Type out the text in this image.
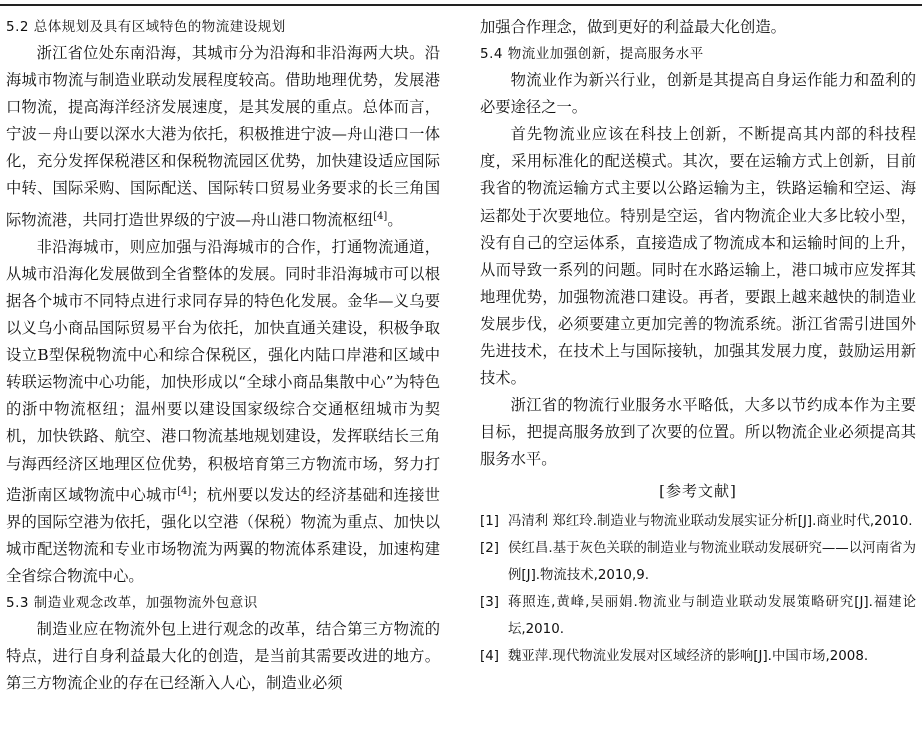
5.2 总体规划及具有区域特色的物流建设规划

浙江省位处东南沿海，其城市分为沿海和非沿海两大块。沿海城市物流与制造业联动发展程度较高。借助地理优势，发展港口物流，提高海洋经济发展速度，是其发展的重点。总体而言，宁波－舟山要以深水大港为依托，积极推进宁波—舟山港口一体化，充分发挥保税港区和保税物流园区优势，加快建设适应国际中转、国际采购、国际配送、国际转口贸易业务要求的长三角国际物流港，共同打造世界级的宁波—舟山港口物流枢纽[4]。

非沿海城市，则应加强与沿海城市的合作，打通物流通道，从城市沿海化发展做到全省整体的发展。同时非沿海城市可以根据各个城市不同特点进行求同存异的特色化发展。金华—义乌要以义乌小商品国际贸易平台为依托，加快直通关建设，积极争取设立B型保税物流中心和综合保税区，强化内陆口岸港和区域中转联运物流中心功能，加快形成以“全球小商品集散中心”为特色的浙中物流枢纽；温州要以建设国家级综合交通枢纽城市为契机，加快铁路、航空、港口物流基地规划建设，发挥联结长三角与海西经济区地理区位优势，积极培育第三方物流市场，努力打造浙南区域物流中心城市[4]；杭州要以发达的经济基础和连接世界的国际空港为依托，强化以空港（保税）物流为重点、加快以城市配送物流和专业市场物流为两翼的物流体系建设，加速构建全省综合物流中心。

5.3 制造业观念改革，加强物流外包意识

制造业应在物流外包上进行观念的改革，结合第三方物流的特点，进行自身利益最大化的创造，是当前其需要改进的地方。第三方物流企业的存在已经渐入人心，制造业必须

加强合作理念，做到更好的利益最大化创造。

5.4 物流业加强创新，提高服务水平

物流业作为新兴行业，创新是其提高自身运作能力和盈利的必要途径之一。

首先物流业应该在科技上创新，不断提高其内部的科技程度，采用标准化的配送模式。其次，要在运输方式上创新，目前我省的物流运输方式主要以公路运输为主，铁路运输和空运、海运都处于次要地位。特别是空运，省内物流企业大多比较小型，没有自己的空运体系，直接造成了物流成本和运输时间的上升，从而导致一系列的问题。同时在水路运输上，港口城市应发挥其地理优势，加强物流港口建设。再者，要跟上越来越快的制造业发展步伐，必须要建立更加完善的物流系统。浙江省需引进国外先进技术，在技术上与国际接轨，加强其发展力度，鼓励运用新技术。

浙江省的物流行业服务水平略低，大多以节约成本作为主要目标，把提高服务放到了次要的位置。所以物流企业必须提高其服务水平。

[参考文献]
[1] 冯清利 郑红玲.制造业与物流业联动发展实证分析[J].商业时代,2010.
[2] 侯红昌.基于灰色关联的制造业与物流业联动发展研究——以河南省为例[J].物流技术,2010,9.
[3] 蒋照连,黄峰,吴丽娟.物流业与制造业联动发展策略研究[J].福建论坛,2010.
[4] 魏亚萍.现代物流业发展对区域经济的影响[J].中国市场,2008.
